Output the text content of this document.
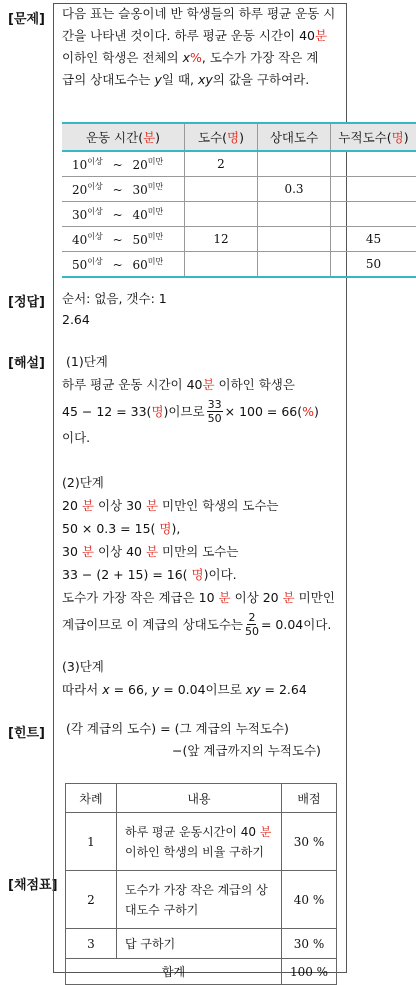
[문제]
[정답]
[해설]
[힌트]
[채점표]
다음 표는 슬옹이네 반 학생들의 하루 평균 운동 시
간을 나타낸 것이다. 하루 평균 운동 시간이 40분
이하인 학생은 전체의 x%, 도수가 가장 작은 계
급의 상대도수는 y일 때, xy의 값을 구하여라.
운동 시간(분)	도수(명)	상대도수	누적도수(명)
$10^{이상}$ ~ $20^{미만}$	2		
$20^{이상}$ ~ $30^{미만}$		0.3	
$30^{이상}$ ~ $40^{미만}$			
$40^{이상}$ ~ $50^{미만}$	12		45
$50^{이상}$ ~ $60^{미만}$			50
순서: 없음, 갯수: 1
2.64
(1)단계
하루 평균 운동 시간이 40분 이하인 학생은
45 − 12 = 33( 명 )이므로 $\frac{33}{50} \times 100 = 66$( % )
이다.
(2)단계
20 분 이상 30 분 미만인 학생의 도수는
50 × 0.3 = 15( 명),
30 분 이상 40 분 미만의 도수는
33 − (2 + 15) = 16( 명)이다.
도수가 가장 작은 계급은 10 분 이상 20 분 미만인
계급이므로 이 계급의 상대도수는 $\frac{2}{50} = 0.04$이다.
(3)단계
따라서 x = 66, y = 0.04이므로 xy = 2.64
(각 계급의 도수) = (그 계급의 누적도수)
−(앞 계급까지의 누적도수)
차례	내용	배점
1	하루 평균 운동시간이 40 분
이하인 학생의 비율 구하기	30 %
2	도수가 가장 작은 계급의 상
대도수 구하기	40 %
3	답 구하기	30 %
합계		100 %
